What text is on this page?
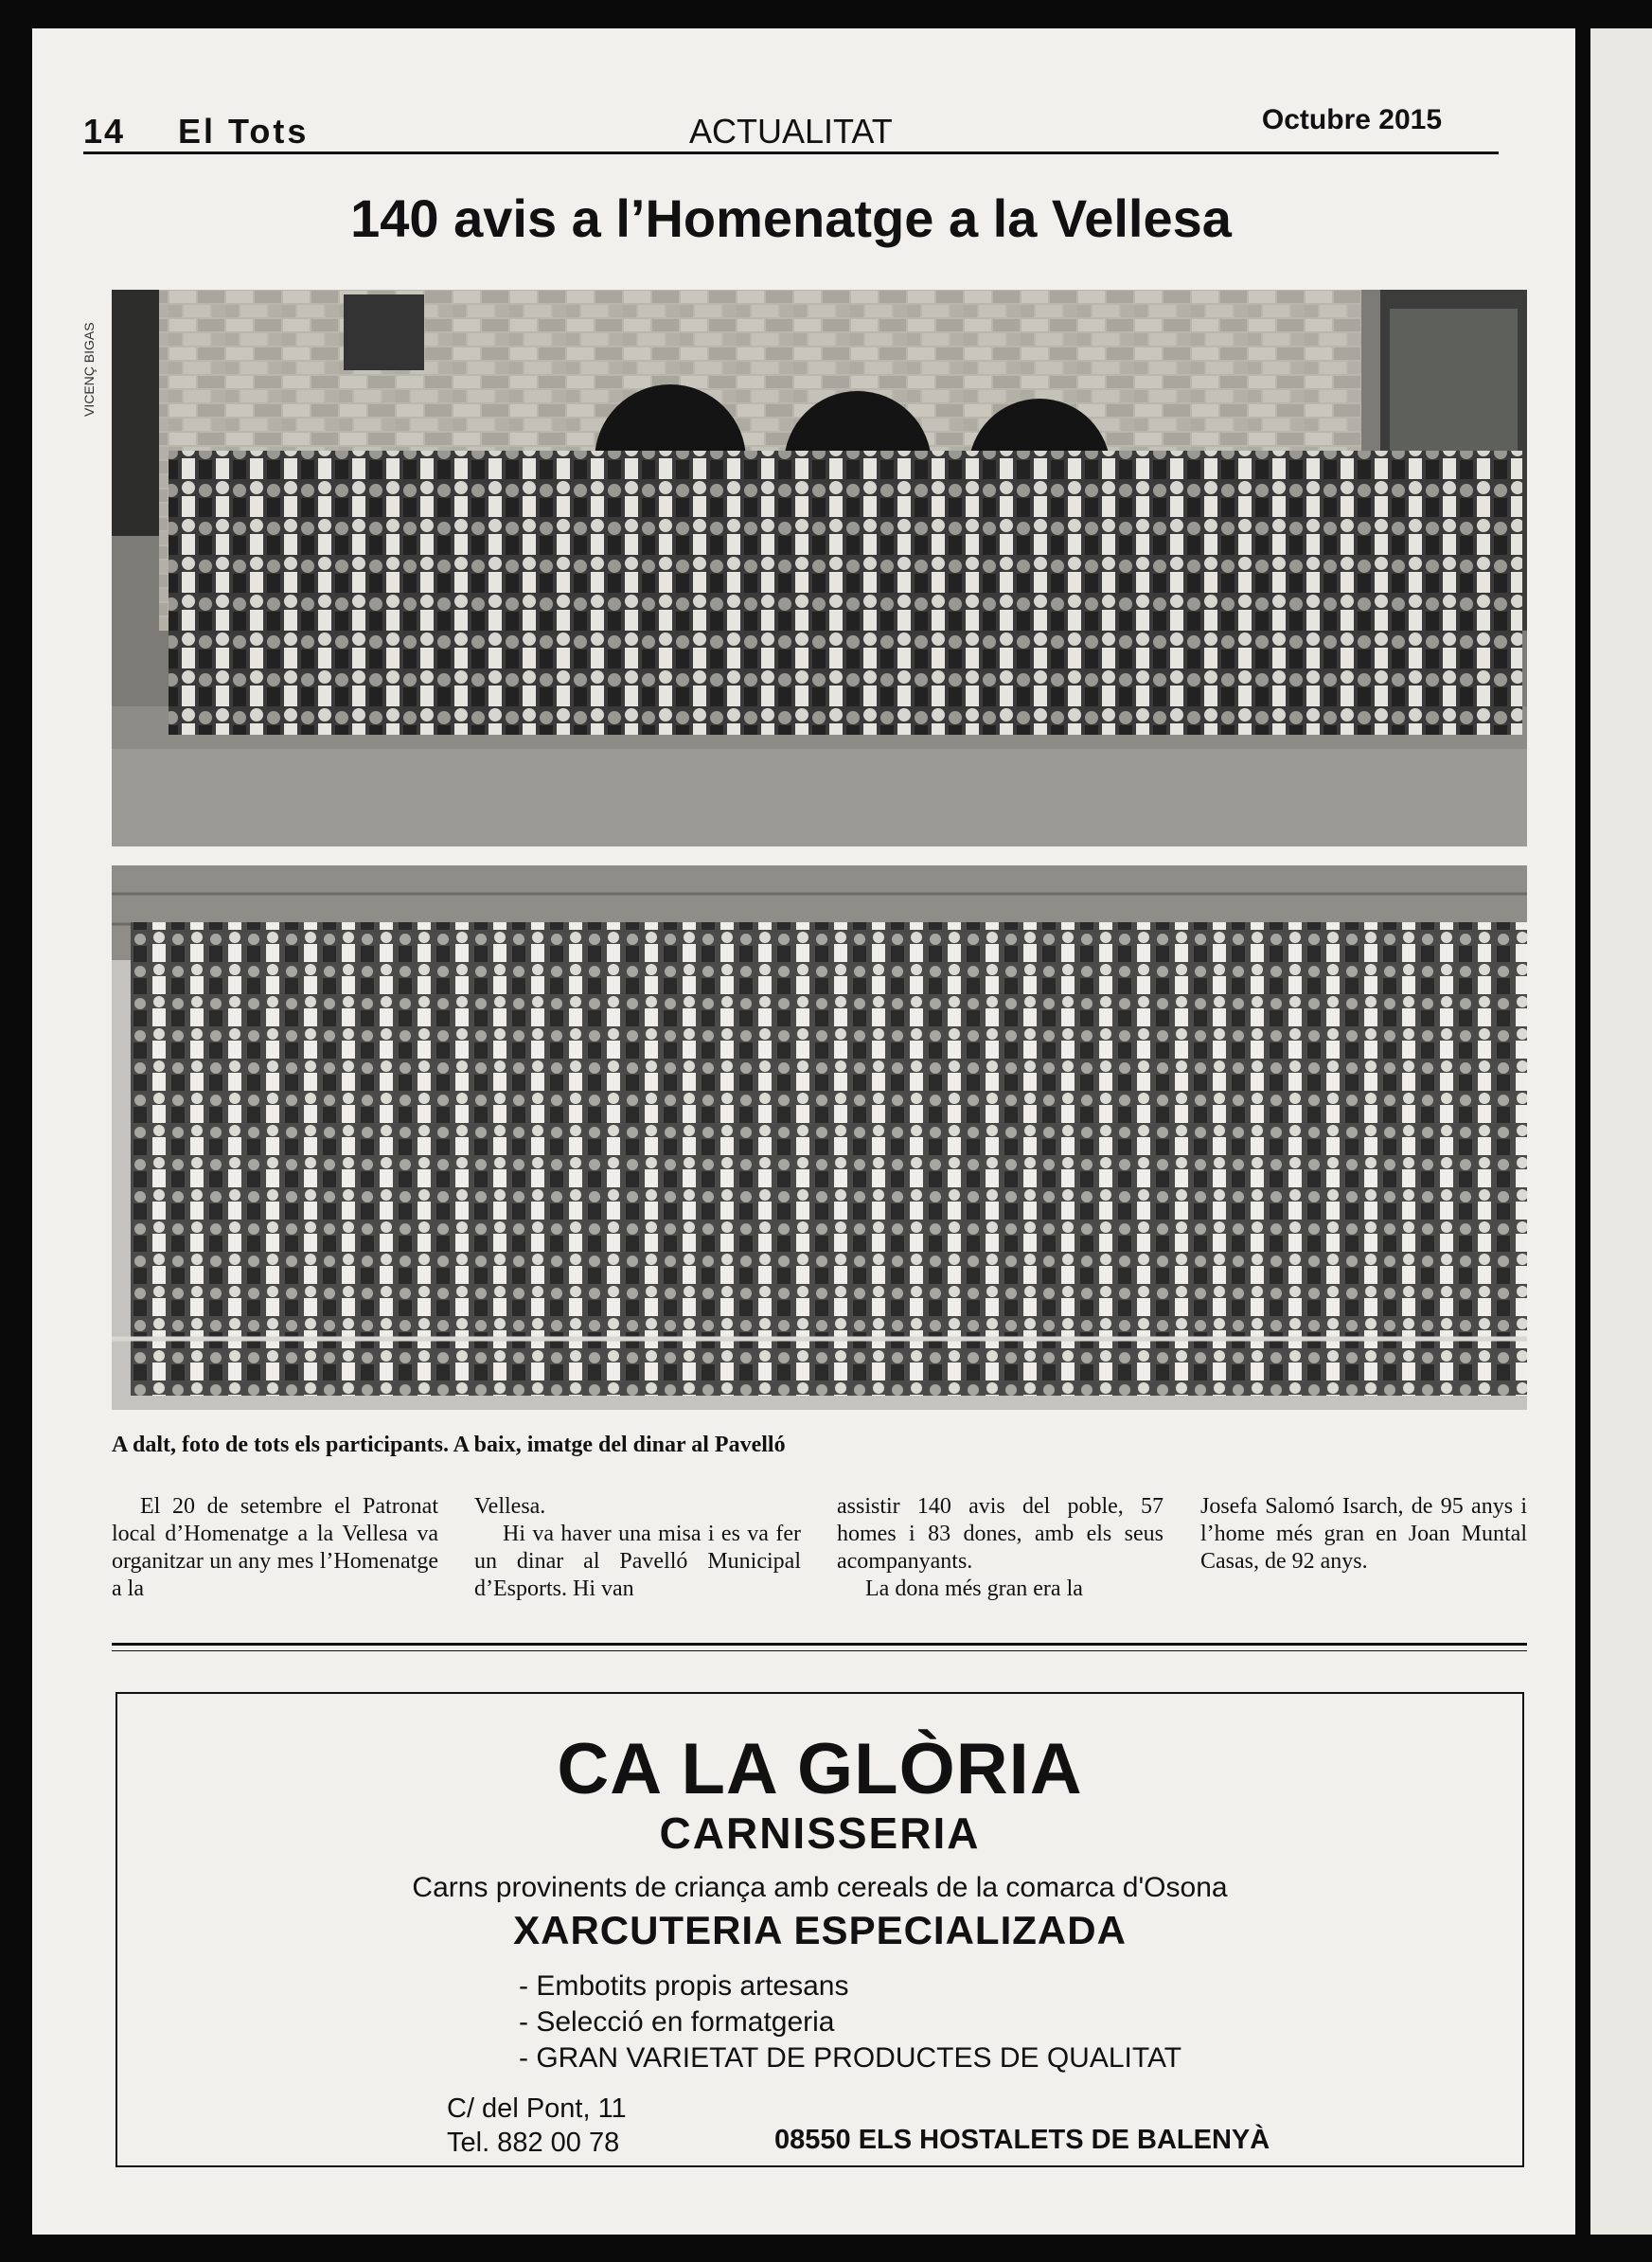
14 El Tots	ACTUALITAT	Octubre 2015
140 avis a l’Homenatge a la Vellesa
VICENÇ BIGAS
A dalt, foto de tots els participants. A baix, imatge del dinar al Pavelló

El 20 de setembre el Patronat local d’Homenatge a la Vellesa va organitzar un any mes l’Homenatge a la

Vellesa.

Hi va haver una misa i es va fer un dinar al Pavelló Municipal d’Esports. Hi van

assistir 140 avis del poble, 57 homes i 83 dones, amb els seus acompanyants.

La dona més gran era la

Josefa Salomó Isarch, de 95 anys i l’home més gran en Joan Muntal Casas, de 92 anys.

CA LA GLÒRIA
CARNISSERIA
Carns provinents de criança amb cereals de la comarca d'Osona
XARCUTERIA ESPECIALIZADA
- Embotits propis artesans
- Selecció en formatgeria
- GRAN VARIETAT DE PRODUCTES DE QUALITAT
C/ del Pont, 11
Tel. 882 00 78	08550 ELS HOSTALETS DE BALENYÀ
